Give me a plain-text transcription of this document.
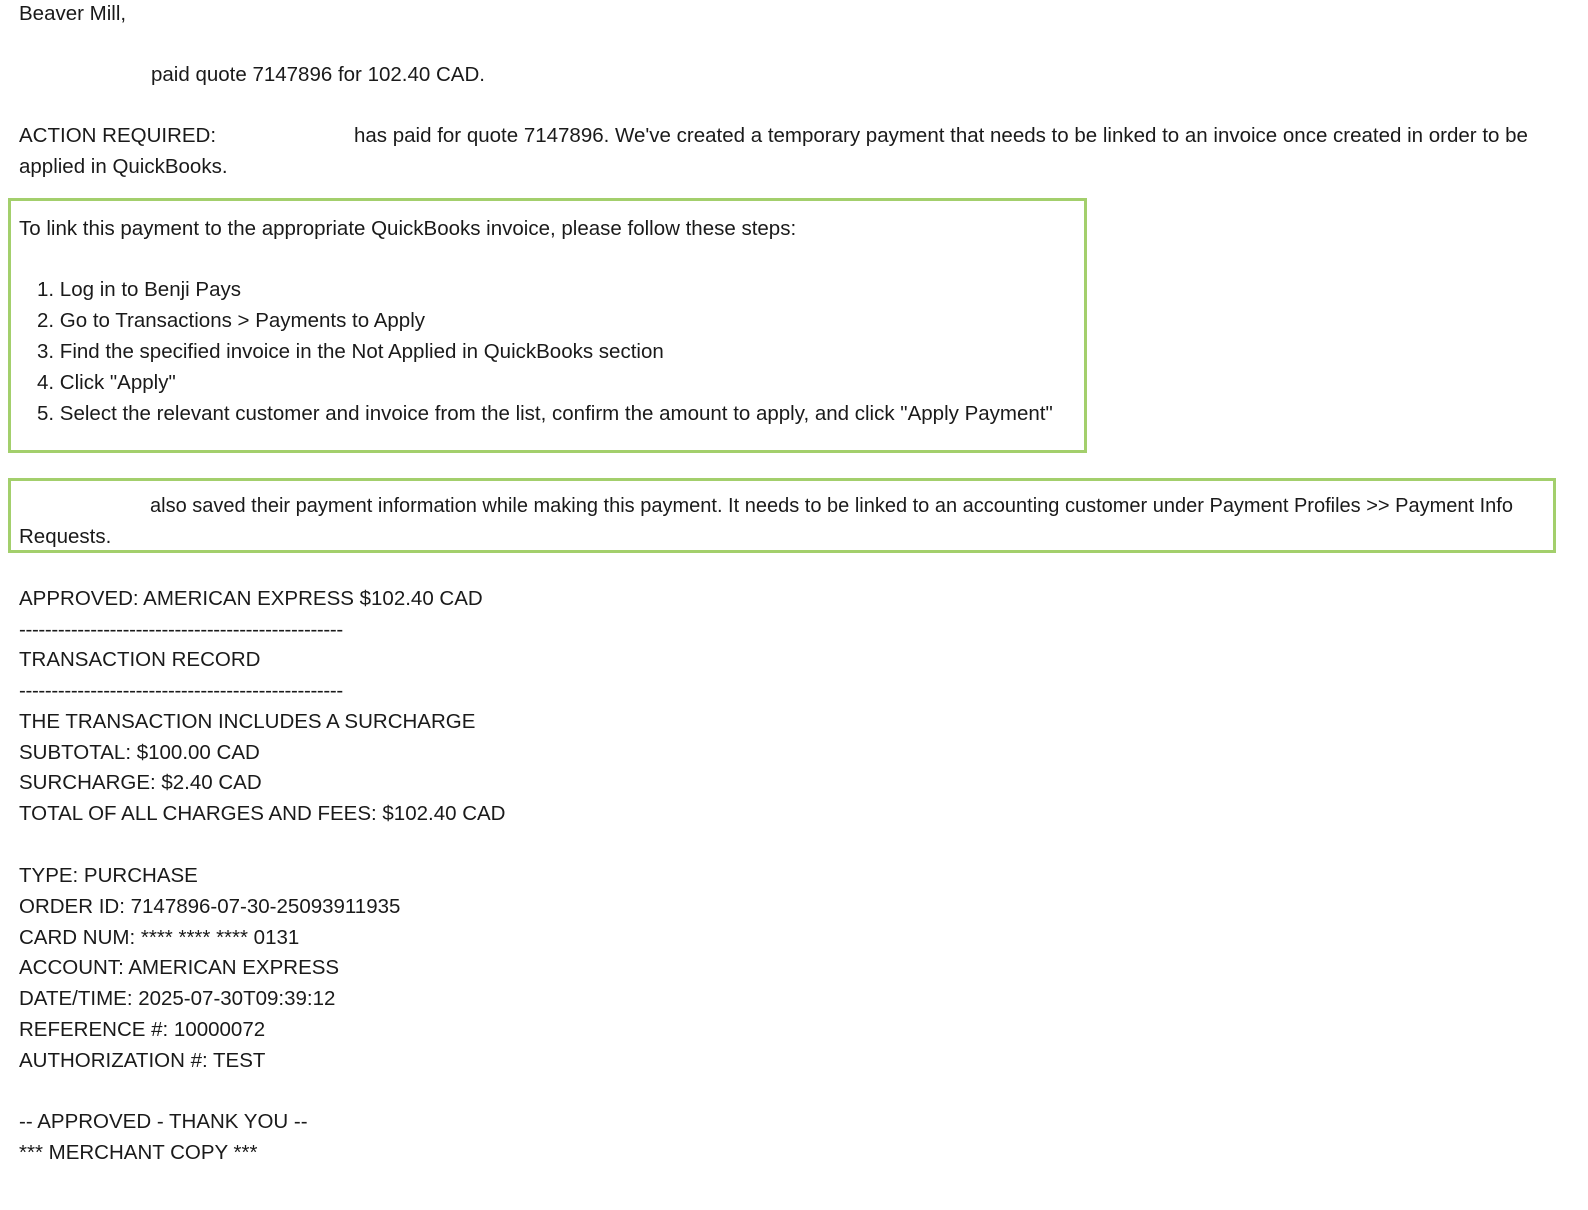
Beaver Mill,
paid quote 7147896 for 102.40 CAD.
ACTION REQUIRED:	has paid for quote 7147896. We've created a temporary payment that needs to be linked to an invoice once created in order to be
applied in QuickBooks.
To link this payment to the appropriate QuickBooks invoice, please follow these steps:
1. Log in to Benji Pays
2. Go to Transactions > Payments to Apply
3. Find the specified invoice in the Not Applied in QuickBooks section
4. Click "Apply"
5. Select the relevant customer and invoice from the list, confirm the amount to apply, and click "Apply Payment"
also saved their payment information while making this payment. It needs to be linked to an accounting customer under Payment Profiles >> Payment Info
Requests.
APPROVED: AMERICAN EXPRESS $102.40 CAD
--------------------------------------------------
TRANSACTION RECORD
--------------------------------------------------
THE TRANSACTION INCLUDES A SURCHARGE
SUBTOTAL: $100.00 CAD
SURCHARGE: $2.40 CAD
TOTAL OF ALL CHARGES AND FEES: $102.40 CAD
TYPE: PURCHASE
ORDER ID: 7147896-07-30-25093911935
CARD NUM: **** **** **** 0131
ACCOUNT: AMERICAN EXPRESS
DATE/TIME: 2025-07-30T09:39:12
REFERENCE #: 10000072
AUTHORIZATION #: TEST
-- APPROVED - THANK YOU --
*** MERCHANT COPY ***
